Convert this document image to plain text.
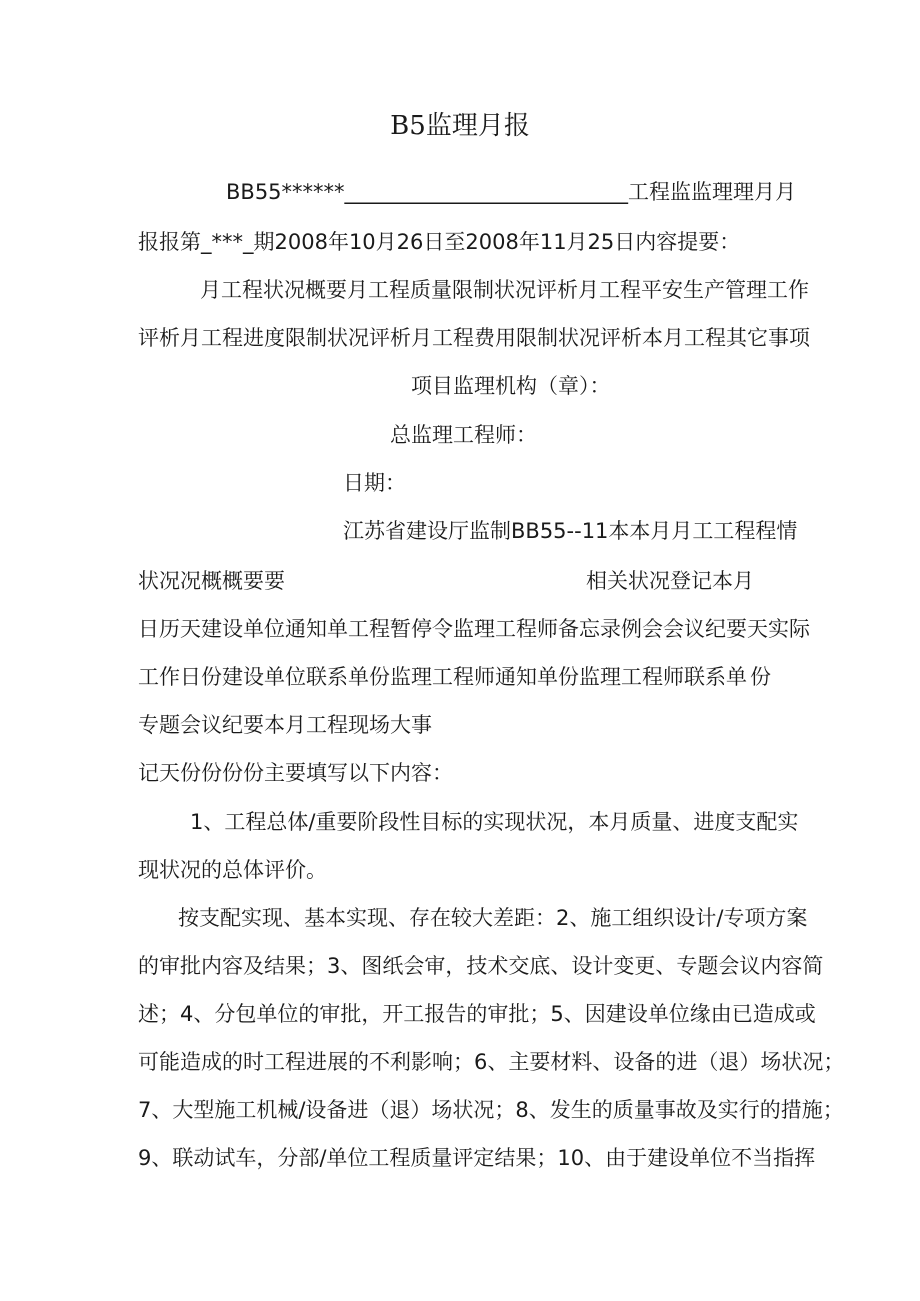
B5监理月报
BB55****** ___________________________ 工程监监理理月月
报报第_***_期2008年10月26日至2008年11月25日内容提要：
月工程状况概要月工程质量限制状况评析月工程平安生产管理工作
评析月工程进度限制状况评析月工程费用限制状况评析本月工程其它事项
项目监理机构（章）：
总监理工程师：
日期：
江苏省建设厅监制BB55--11本本月月工工程程情
状况况概概要要	相关状况登记本月
日历天建设单位通知单工程暂停令监理工程师备忘录例会会议纪要天实际
工作日份建设单位联系单份监理工程师通知单份监理工程师联系单 份
专题会议纪要本月工程现场大事
记天份份份份主要填写以下内容：
1、工程总体/重要阶段性目标的实现状况，本月质量、进度支配实
现状况的总体评价。
按支配实现、基本实现、存在较大差距：2、施工组织设计/专项方案
的审批内容及结果；3、图纸会审，技术交底、设计变更、专题会议内容简
述；4、分包单位的审批，开工报告的审批；5、因建设单位缘由已造成或
可能造成的时工程进展的不利影响；6、主要材料、设备的进（退）场状况；
7、大型施工机械/设备进（退）场状况；8、发生的质量事故及实行的措施；
9、联动试车，分部/单位工程质量评定结果；10、由于建设单位不当指挥
